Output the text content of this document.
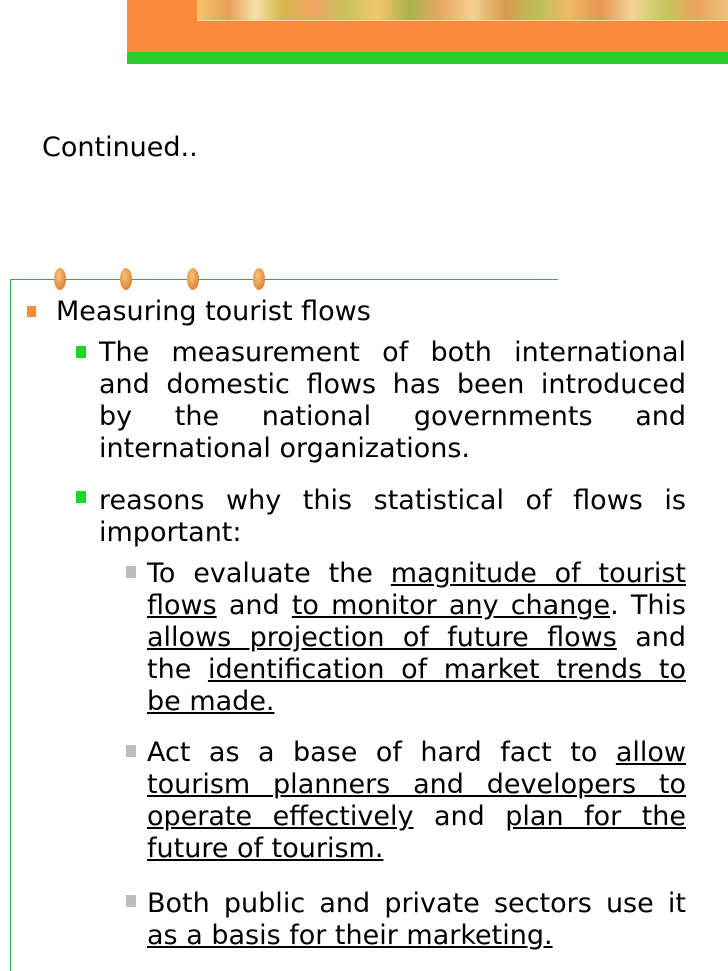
Continued..
Measuring tourist flows
The measurement of both international and domestic flows has been introduced by the national governments and international organizations.
reasons why this statistical of flows is important:
To evaluate the magnitude of tourist flows and to monitor any change. This allows projection of future flows and the identification of market trends to be made.
Act as a base of hard fact to allow tourism planners and developers to operate effectively and plan for the future of tourism.
Both public and private sectors use it as a basis for their marketing.
